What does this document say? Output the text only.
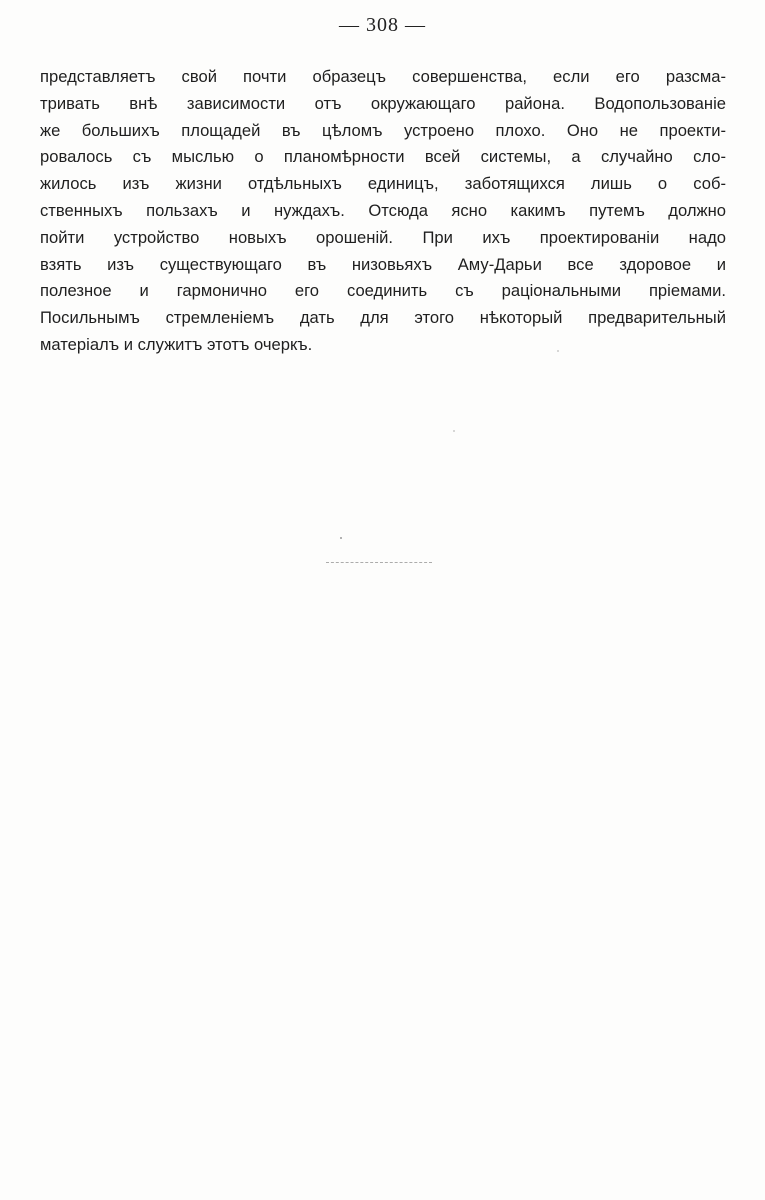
— 308 —
представляетъ свой почти образецъ совершенства, если его разсма-
тривать внѣ зависимости отъ окружающаго района. Водопользованіе
же большихъ площадей въ цѣломъ устроено плохо. Оно не проекти-
ровалось съ мыслью о планомѣрности всей системы, а случайно сло-
жилось изъ жизни отдѣльныхъ единицъ, заботящихся лишь о соб-
ственныхъ пользахъ и нуждахъ. Отсюда ясно какимъ путемъ должно
пойти устройство новыхъ орошеній. При ихъ проектированіи надо
взять изъ существующаго въ низовьяхъ Аму-Дарьи все здоровое и
полезное и гармонично его соединить съ раціональными пріемами.
Посильнымъ стремленіемъ дать для этого нѣкоторый предварительный
матеріалъ и служитъ этотъ очеркъ.
